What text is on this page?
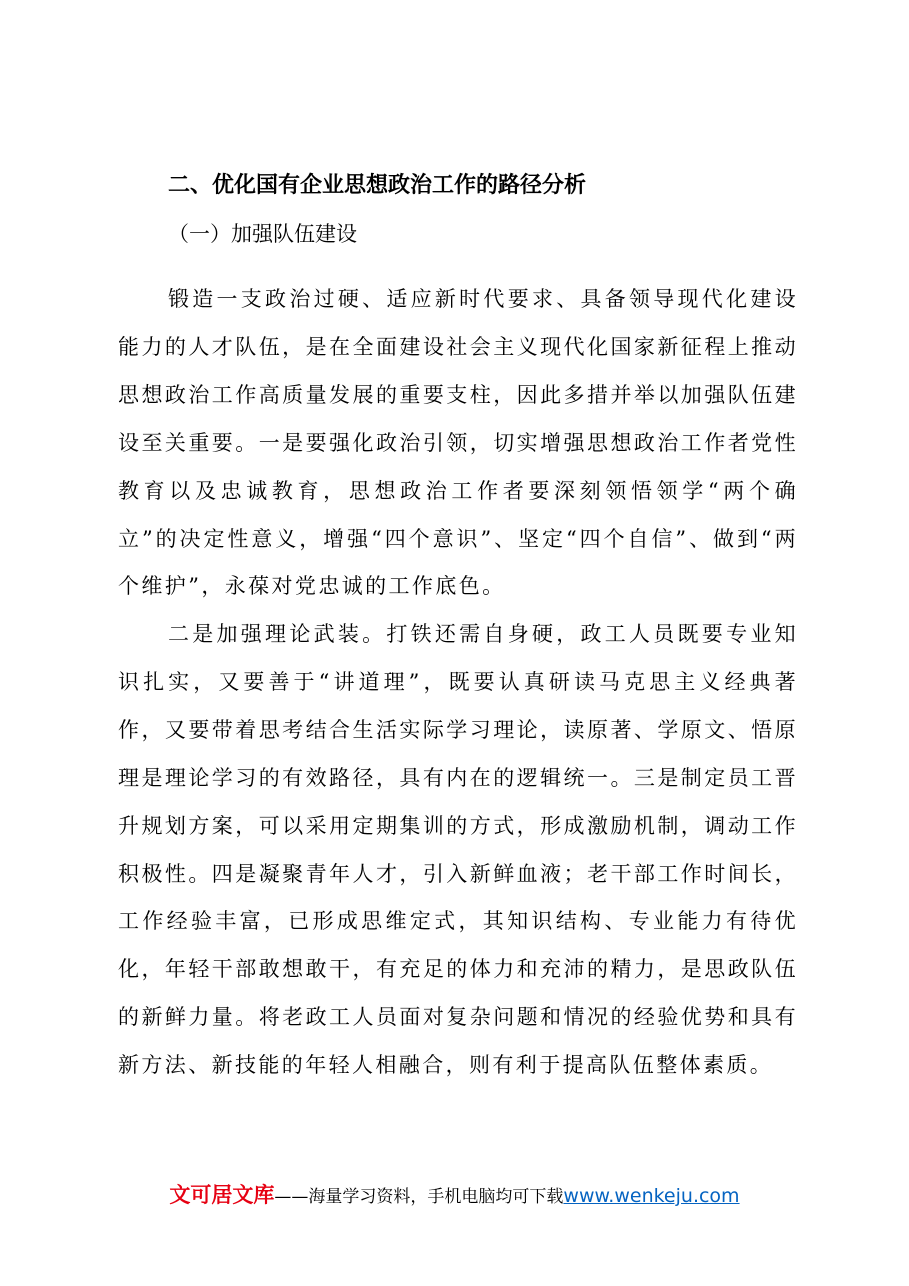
二、优化国有企业思想政治工作的路径分析
（一）加强队伍建设

锻造一支政治过硬、适应新时代要求、具备领导现代化建设能力的人才队伍，是在全面建设社会主义现代化国家新征程上推动思想政治工作高质量发展的重要支柱，因此多措并举以加强队伍建设至关重要。一是要强化政治引领，切实增强思想政治工作者党性教育以及忠诚教育，思想政治工作者要深刻领悟领学“两个确立”的决定性意义，增强“四个意识”、坚定“四个自信”、做到“两个维护”，永葆对党忠诚的工作底色。

二是加强理论武装。打铁还需自身硬，政工人员既要专业知识扎实，又要善于“讲道理”，既要认真研读马克思主义经典著作，又要带着思考结合生活实际学习理论，读原著、学原文、悟原理是理论学习的有效路径，具有内在的逻辑统一。三是制定员工晋升规划方案，可以采用定期集训的方式，形成激励机制，调动工作积极性。四是凝聚青年人才，引入新鲜血液；老干部工作时间长，工作经验丰富，已形成思维定式，其知识结构、专业能力有待优化，年轻干部敢想敢干，有充足的体力和充沛的精力，是思政队伍的新鲜力量。将老政工人员面对复杂问题和情况的经验优势和具有新方法、新技能的年轻人相融合，则有利于提高队伍整体素质。

文可居文库——海量学习资料，手机电脑均可下载www.wenkeju.com
